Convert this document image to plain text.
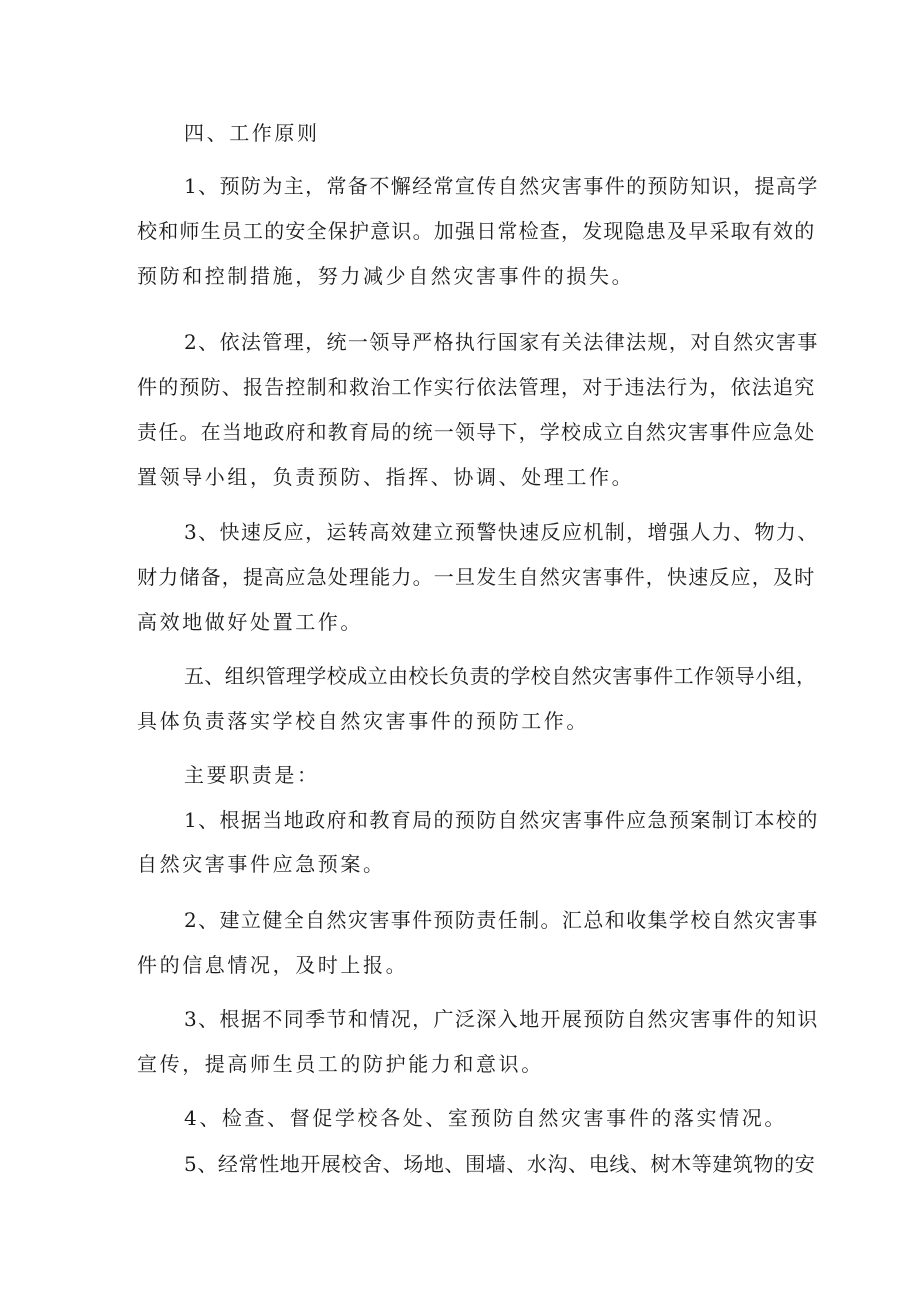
四、工作原则
1、预防为主，常备不懈经常宣传自然灾害事件的预防知识，提高学
校和师生员工的安全保护意识。加强日常检查，发现隐患及早采取有效的
预防和控制措施，努力减少自然灾害事件的损失。
2、依法管理，统一领导严格执行国家有关法律法规，对自然灾害事
件的预防、报告控制和救治工作实行依法管理，对于违法行为，依法追究
责任。在当地政府和教育局的统一领导下，学校成立自然灾害事件应急处
置领导小组，负责预防、指挥、协调、处理工作。
3、快速反应，运转高效建立预警快速反应机制，增强人力、物力、
财力储备，提高应急处理能力。一旦发生自然灾害事件，快速反应，及时
高效地做好处置工作。
五、组织管理学校成立由校长负责的学校自然灾害事件工作领导小组，
具体负责落实学校自然灾害事件的预防工作。
主要职责是：
1、根据当地政府和教育局的预防自然灾害事件应急预案制订本校的
自然灾害事件应急预案。
2、建立健全自然灾害事件预防责任制。汇总和收集学校自然灾害事
件的信息情况，及时上报。
3、根据不同季节和情况，广泛深入地开展预防自然灾害事件的知识
宣传，提高师生员工的防护能力和意识。
4、检查、督促学校各处、室预防自然灾害事件的落实情况。
5、经常性地开展校舍、场地、围墙、水沟、电线、树木等建筑物的安
